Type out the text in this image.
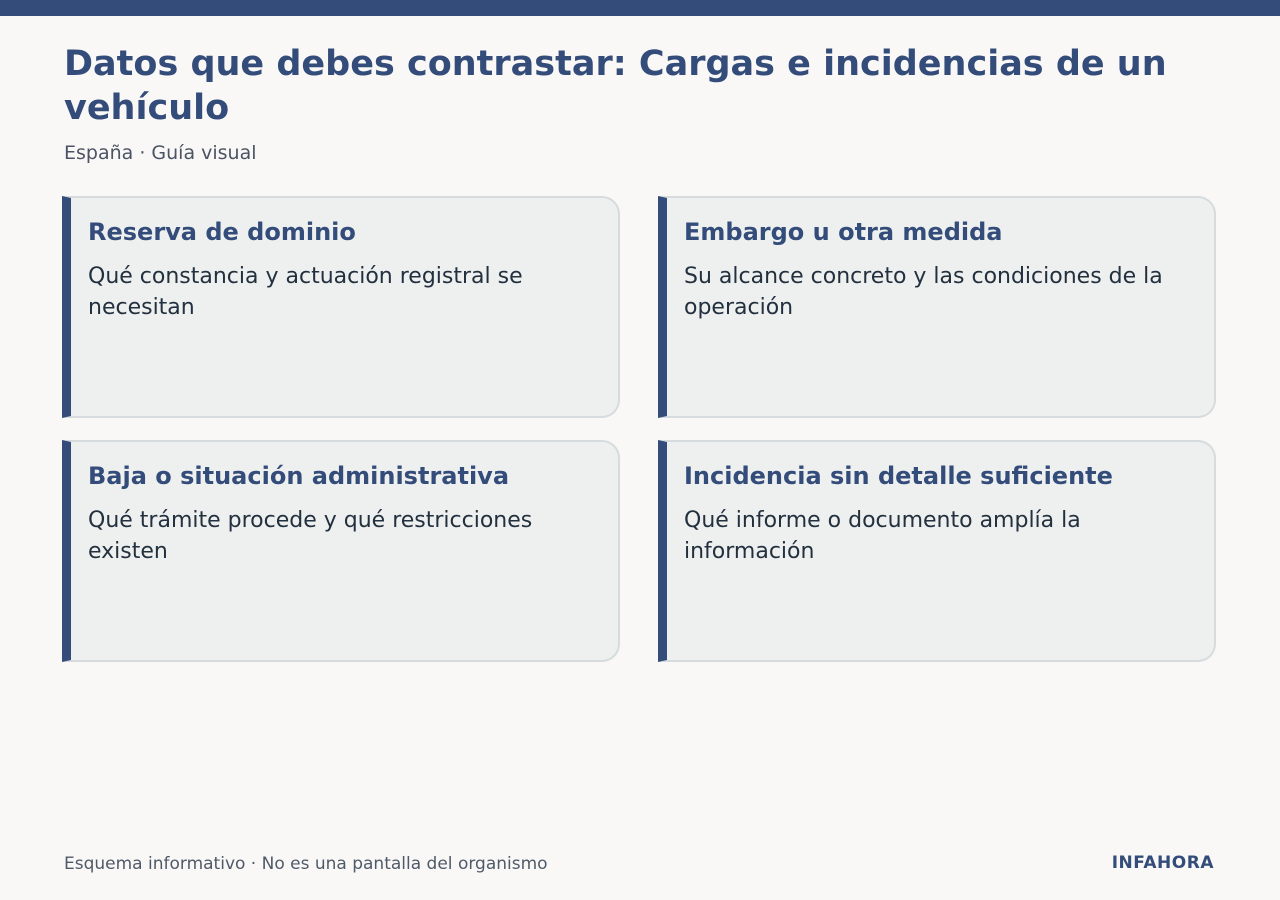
Datos que debes contrastar: Cargas e incidencias de un vehículo

España · Guía visual

Reserva de dominio

Qué constancia y actuación registral se necesitan

Embargo u otra medida

Su alcance concreto y las condiciones de la operación

Baja o situación administrativa

Qué trámite procede y qué restricciones existen

Incidencia sin detalle suficiente

Qué informe o documento amplía la información

Esquema informativo · No es una pantalla del organismo	INFAHORA
